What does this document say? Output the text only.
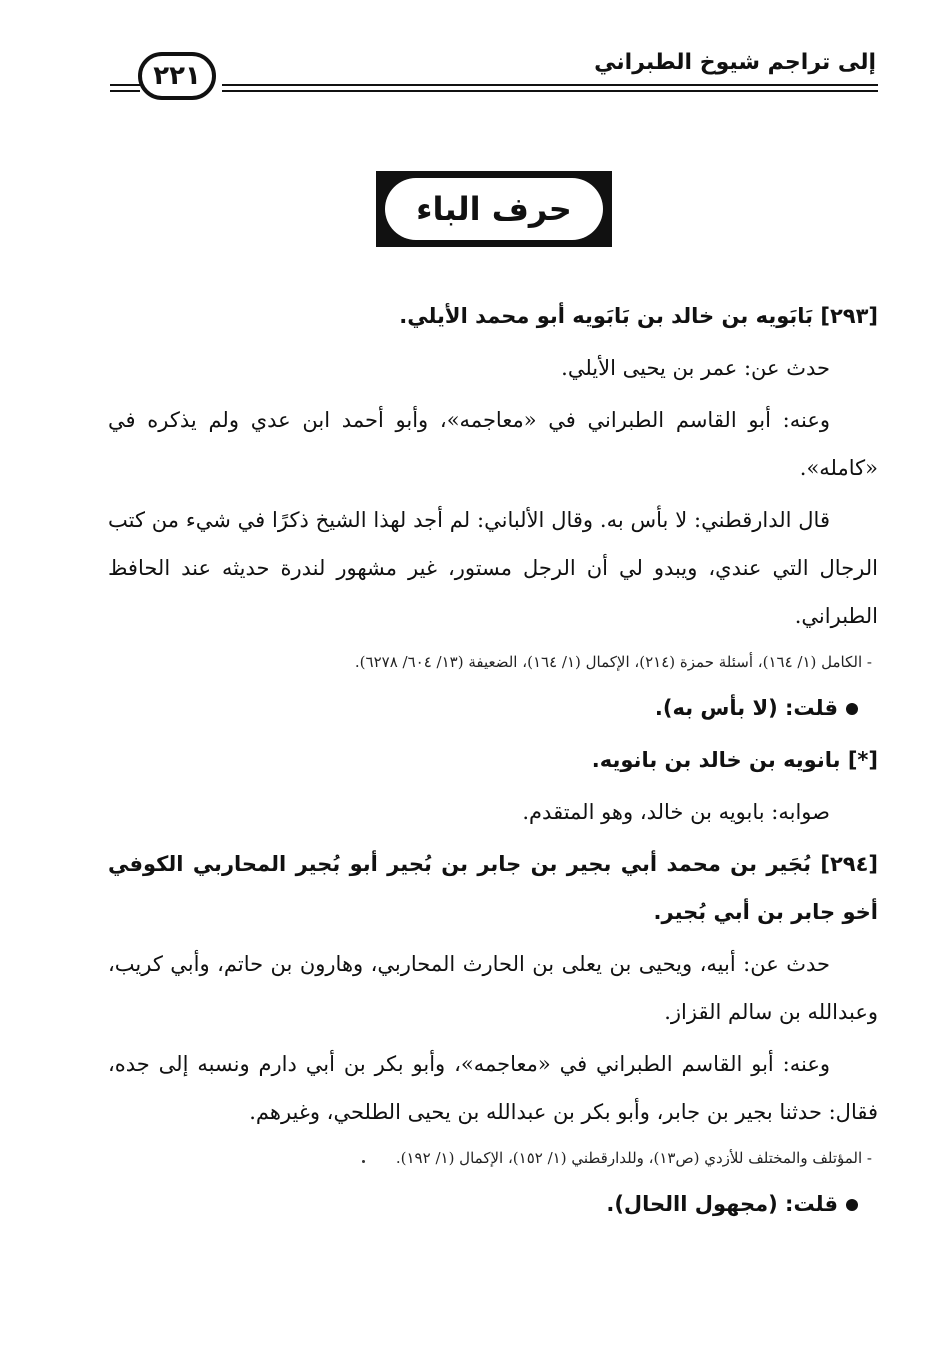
إلى تراجم شيوخ الطبراني
٢٢١
حرف الباء

[٢٩٣] بَابَويه بن خالد بن بَابَويه أبو محمد الأيلي.

حدث عن: عمر بن يحيى الأيلي.

وعنه: أبو القاسم الطبراني في «معاجمه»، وأبو أحمد ابن عدي ولم يذكره في «كامله».

قال الدارقطني: لا بأس به. وقال الألباني: لم أجد لهذا الشيخ ذكرًا في شيء من كتب الرجال التي عندي، ويبدو لي أن الرجل مستور، غير مشهور لندرة حديثه عند الحافظ الطبراني.

- الكامل (١/ ١٦٤)، أسئلة حمزة (٢١٤)، الإكمال (١/ ١٦٤)، الضعيفة (١٣/ ٦٠٤/ ٦٢٧٨).

قلت: (لا بأس به).

[*] بانويه بن خالد بن بانويه.

صوابه: بابويه بن خالد، وهو المتقدم.

[٢٩٤] بُجَير بن محمد أبي بجير بن جابر بن بُجير أبو بُجير المحاربي الكوفي أخو جابر بن أبي بُجير.

حدث عن: أبيه، ويحيى بن يعلى بن الحارث المحاربي، وهارون بن حاتم، وأبي كريب، وعبدالله بن سالم القزاز.

وعنه: أبو القاسم الطبراني في «معاجمه»، وأبو بكر بن أبي دارم ونسبه إلى جده، فقال: حدثنا بجير بن جابر، وأبو بكر بن عبدالله بن يحيى الطلحي، وغيرهم.

- المؤتلف والمختلف للأزدي (ص١٣)، وللدارقطني (١/ ١٥٢)، الإكمال (١/ ١٩٢).

قلت: (مجهول االحال).
